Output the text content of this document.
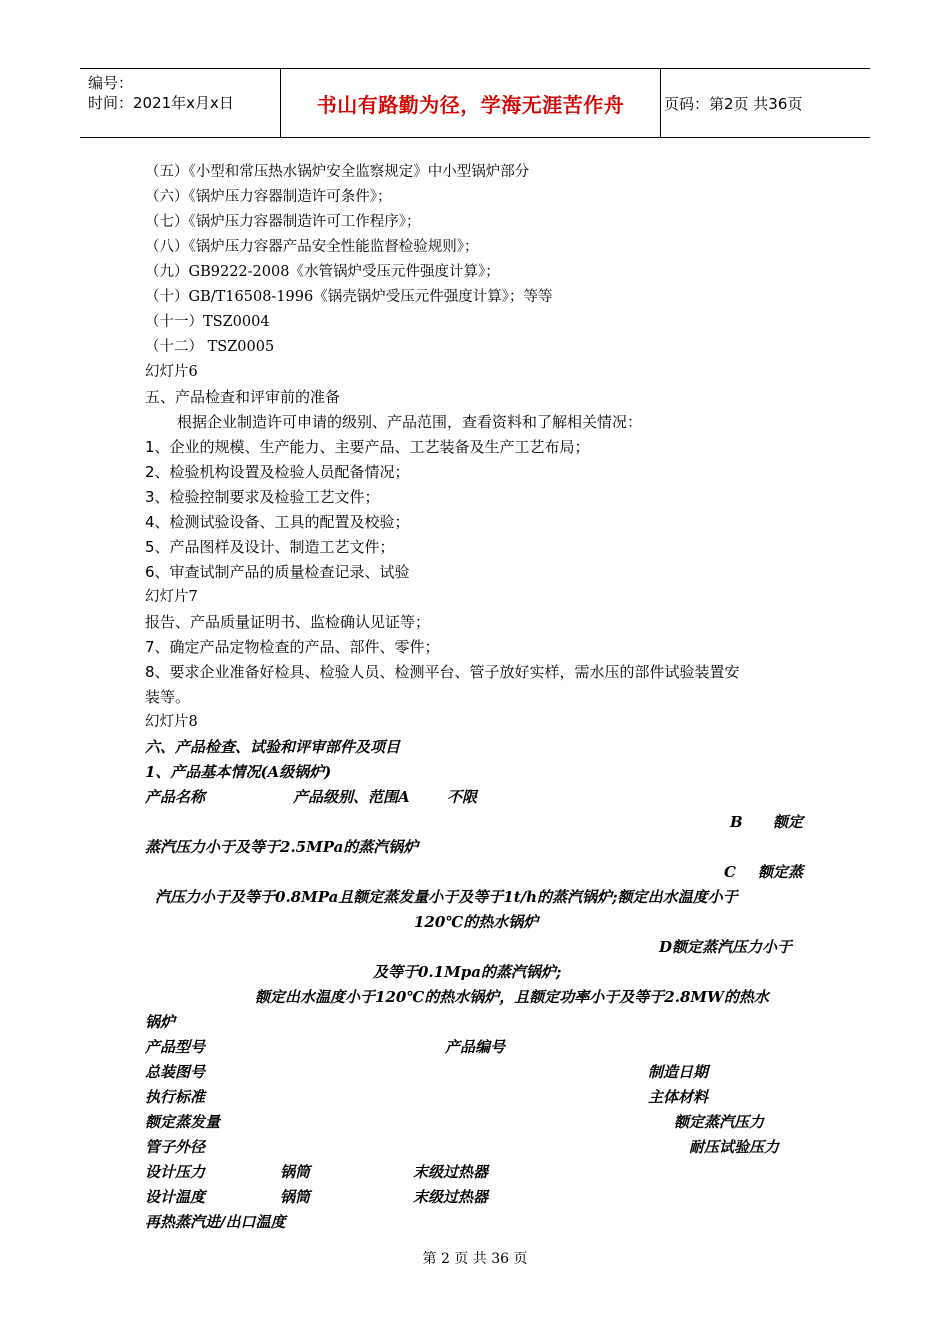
编号：
时间：2021年x月x日	书山有路勤为径，学海无涯苦作舟	页码：第2页 共36页
（五）《小型和常压热水锅炉安全监察规定》中小型锅炉部分
（六）《锅炉压力容器制造许可条件》；
（七）《锅炉压力容器制造许可工作程序》；
（八）《锅炉压力容器产品安全性能监督检验规则》；
（九）GB9222-2008《水管锅炉受压元件强度计算》；
（十）GB/T16508-1996《锅壳锅炉受压元件强度计算》；等等
（十一）TSZ0004
（十二） TSZ0005
幻灯片6
五、产品检查和评审前的准备
根据企业制造许可申请的级别、产品范围，查看资料和了解相关情况：
1、企业的规模、生产能力、主要产品、工艺装备及生产工艺布局；
2、检验机构设置及检验人员配备情况；
3、检验控制要求及检验工艺文件；
4、检测试验设备、工具的配置及校验；
5、产品图样及设计、制造工艺文件；
6、审查试制产品的质量检查记录、试验
幻灯片7
报告、产品质量证明书、监检确认见证等；
7、确定产品定物检查的产品、部件、零件；
8、要求企业准备好检具、检验人员、检测平台、管子放好实样，需水压的部件试验装置安
装等。
幻灯片8
六、产品检查、试验和评审部件及项目
1、产品基本情况(A级锅炉)
产品名称	产品级别、范围A 不限
B 额定
蒸汽压力小于及等于2.5MPa的蒸汽锅炉
C 额定蒸
汽压力小于及等于0.8MPa且额定蒸发量小于及等于1t/h的蒸汽锅炉;额定出水温度小于
120℃的热水锅炉
D额定蒸汽压力小于
及等于0.1Mpa的蒸汽锅炉;
额定出水温度小于120℃的热水锅炉，且额定功率小于及等于2.8MW的热水
锅炉
产品型号	产品编号
总装图号	制造日期
执行标准	主体材料
额定蒸发量	额定蒸汽压力
管子外径	耐压试验压力
设计压力	锅筒	末级过热器
设计温度	锅筒	末级过热器
再热蒸汽进/出口温度
第 2 页 共 36 页
